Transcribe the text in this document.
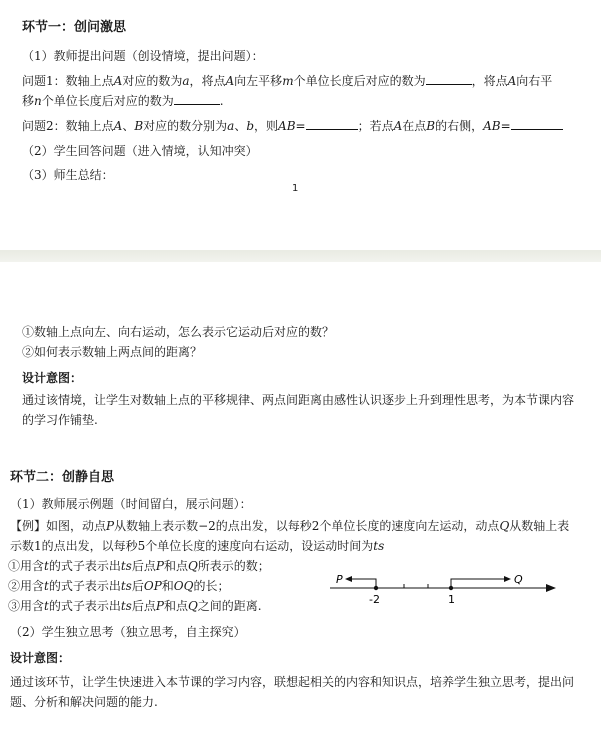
环节一：创问激思
（1）教师提出问题（创设情境，提出问题）：
问题1：数轴上点A对应的数为a，将点A向左平移m个单位长度后对应的数为	，将点A向右平
移n个单位长度后对应的数为	.
问题2：数轴上点A、B对应的数分别为a、b，则AB=	；若点A在点B的右侧，AB=
（2）学生回答问题（进入情境，认知冲突）
（3）师生总结：
1
①数轴上点向左、向右运动，怎么表示它运动后对应的数？
②如何表示数轴上两点间的距离？
设计意图：
通过该情境，让学生对数轴上点的平移规律、两点间距离由感性认识逐步上升到理性思考，为本节课内容
的学习作铺垫.
环节二：创静自思
（1）教师展示例题（时间留白，展示问题）：
【例】如图，动点P从数轴上表示数−2的点出发，以每秒2个单位长度的速度向左运动，动点Q从数轴上表
示数1的点出发，以每秒5个单位长度的速度向右运动，设运动时间为ts
①用含t的式子表示出ts后点P和点Q所表示的数；
②用含t的式子表示出ts后OP和OQ的长；
③用含t的式子表示出ts后点P和点Q之间的距离.
P	Q
-2	1
（2）学生独立思考（独立思考，自主探究）
设计意图：
通过该环节，让学生快速进入本节课的学习内容，联想起相关的内容和知识点，培养学生独立思考，提出问
题、分析和解决问题的能力.
